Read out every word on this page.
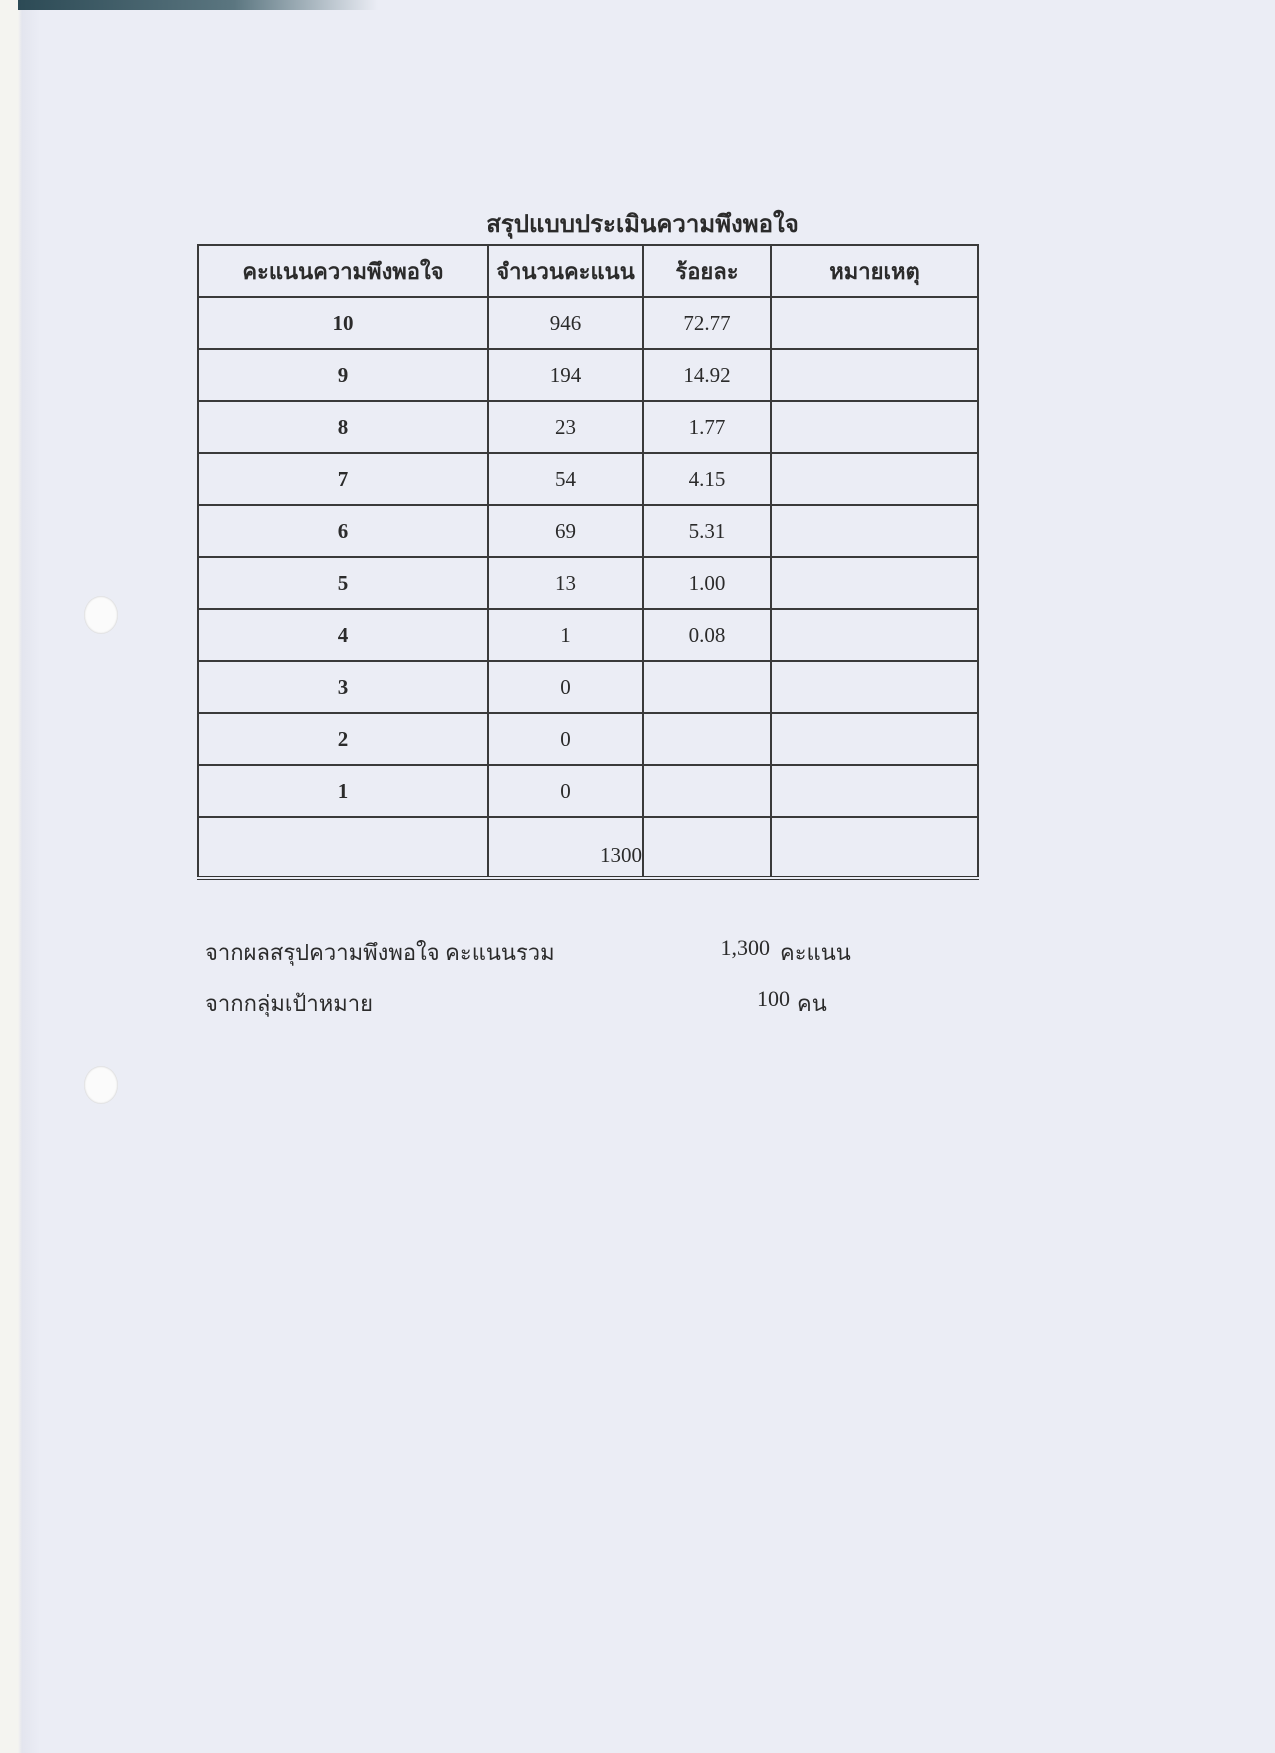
สรุปแบบประเมินความพึงพอใจ
คะแนนความพึงพอใจ	จำนวนคะแนน	ร้อยละ	หมายเหตุ
10	946	72.77	
9	194	14.92	
8	23	1.77	
7	54	4.15	
6	69	5.31	
5	13	1.00	
4	1	0.08	
3	0		
2	0		
1	0		
	1300		
จากผลสรุปความพึงพอใจ คะแนนรวม	1,300 คะแนน
จากกลุ่มเป้าหมาย	100 คน
